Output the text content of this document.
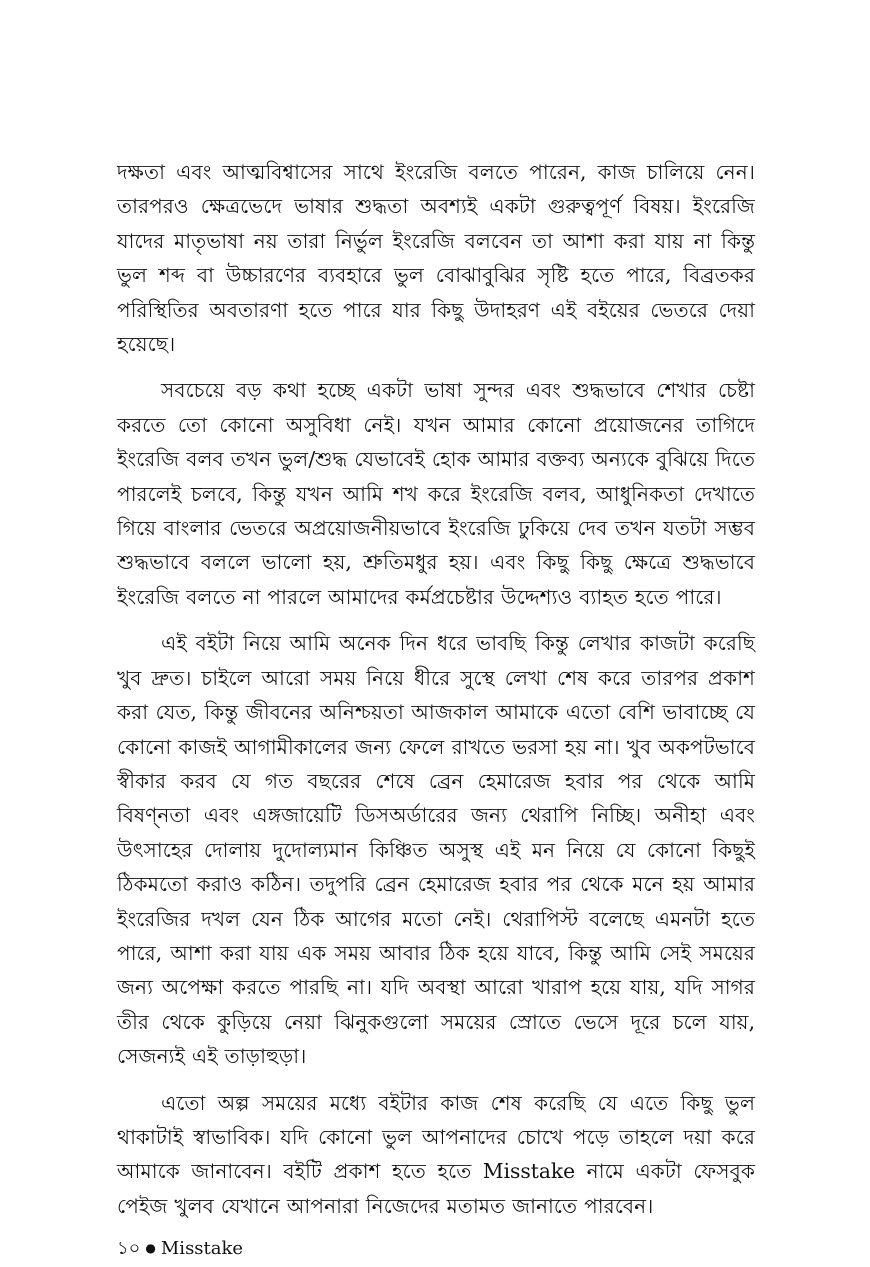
দক্ষতা এবং আত্মবিশ্বাসের সাথে ইংরেজি বলতে পারেন, কাজ চালিয়ে নেন। তারপরও ক্ষেত্রভেদে ভাষার শুদ্ধতা অবশ্যই একটা গুরুত্বপূর্ণ বিষয়। ইংরেজি যাদের মাতৃভাষা নয় তারা নির্ভুল ইংরেজি বলবেন তা আশা করা যায় না কিন্তু ভুল শব্দ বা উচ্চারণের ব্যবহারে ভুল বোঝাবুঝির সৃষ্টি হতে পারে, বিব্রতকর পরিস্থিতির অবতারণা হতে পারে যার কিছু উদাহরণ এই বইয়ের ভেতরে দেয়া হয়েছে।

সবচেয়ে বড় কথা হচ্ছে একটা ভাষা সুন্দর এবং শুদ্ধভাবে শেখার চেষ্টা করতে তো কোনো অসুবিধা নেই। যখন আমার কোনো প্রয়োজনের তাগিদে ইংরেজি বলব তখন ভুল/শুদ্ধ যেভাবেই হোক আমার বক্তব্য অন্যকে বুঝিয়ে দিতে পারলেই চলবে, কিন্তু যখন আমি শখ করে ইংরেজি বলব, আধুনিকতা দেখাতে গিয়ে বাংলার ভেতরে অপ্রয়োজনীয়ভাবে ইংরেজি ঢুকিয়ে দেব তখন যতটা সম্ভব শুদ্ধভাবে বললে ভালো হয়, শ্রুতিমধুর হয়। এবং কিছু কিছু ক্ষেত্রে শুদ্ধভাবে ইংরেজি বলতে না পারলে আমাদের কর্মপ্রচেষ্টার উদ্দেশ্যও ব্যাহত হতে পারে।

এই বইটা নিয়ে আমি অনেক দিন ধরে ভাবছি কিন্তু লেখার কাজটা করেছি খুব দ্রুত। চাইলে আরো সময় নিয়ে ধীরে সুস্থে লেখা শেষ করে তারপর প্রকাশ করা যেত, কিন্তু জীবনের অনিশ্চয়তা আজকাল আমাকে এতো বেশি ভাবাচ্ছে যে কোনো কাজই আগামীকালের জন্য ফেলে রাখতে ভরসা হয় না। খুব অকপটভাবে স্বীকার করব যে গত বছরের শেষে ব্রেন হেমারেজ হবার পর থেকে আমি বিষণ্নতা এবং এঙ্গজায়েটি ডিসঅর্ডারের জন্য থেরাপি নিচ্ছি। অনীহা এবং উৎসাহের দোলায় দুদোল্যমান কিঞ্চিত অসুস্থ এই মন নিয়ে যে কোনো কিছুই ঠিকমতো করাও কঠিন। তদুপরি ব্রেন হেমারেজ হবার পর থেকে মনে হয় আমার ইংরেজির দখল যেন ঠিক আগের মতো নেই। থেরাপিস্ট বলেছে এমনটা হতে পারে, আশা করা যায় এক সময় আবার ঠিক হয়ে যাবে, কিন্তু আমি সেই সময়ের জন্য অপেক্ষা করতে পারছি না। যদি অবস্থা আরো খারাপ হয়ে যায়, যদি সাগর তীর থেকে কুড়িয়ে নেয়া ঝিনুকগুলো সময়ের স্রোতে ভেসে দূরে চলে যায়, সেজন্যই এই তাড়াহুড়া।

এতো অল্প সময়ের মধ্যে বইটার কাজ শেষ করেছি যে এতে কিছু ভুল থাকাটাই স্বাভাবিক। যদি কোনো ভুল আপনাদের চোখে পড়ে তাহলে দয়া করে আমাকে জানাবেন। বইটি প্রকাশ হতে হতে Misstake নামে একটা ফেসবুক পেইজ খুলব যেখানে আপনারা নিজেদের মতামত জানাতে পারবেন।

১০ ● Misstake
